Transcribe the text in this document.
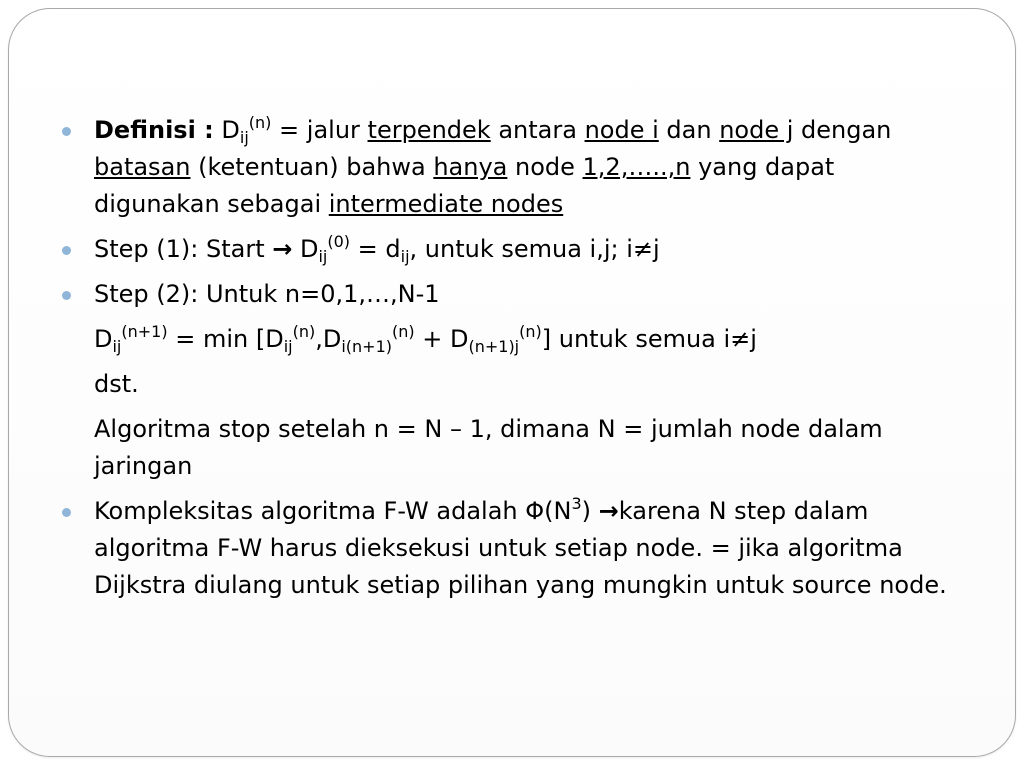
Definisi : $D_{ij}^{(n)}$ = jalur terpendek antara node i dan node j dengan batasan (ketentuan) bahwa hanya node 1,2,…..,n yang dapat digunakan sebagai intermediate nodes
Step (1): Start → $D_{ij}^{(0)} = d_{ij}$, untuk semua i,j; i≠j
Step (2): Untuk n=0,1,…,N-1
$D_{ij}^{(n+1)} = \min [D_{ij}^{(n)},D_{i(n+1)}^{(n)} + D_{(n+1)j}^{(n)}]$ untuk semua i≠j
dst.
Algoritma stop setelah n = N – 1, dimana N = jumlah node dalam jaringan
Kompleksitas algoritma F-W adalah $\Phi(N^3)$ →karena N step dalam algoritma F-W harus dieksekusi untuk setiap node. = jika algoritma Dijkstra diulang untuk setiap pilihan yang mungkin untuk source node.
